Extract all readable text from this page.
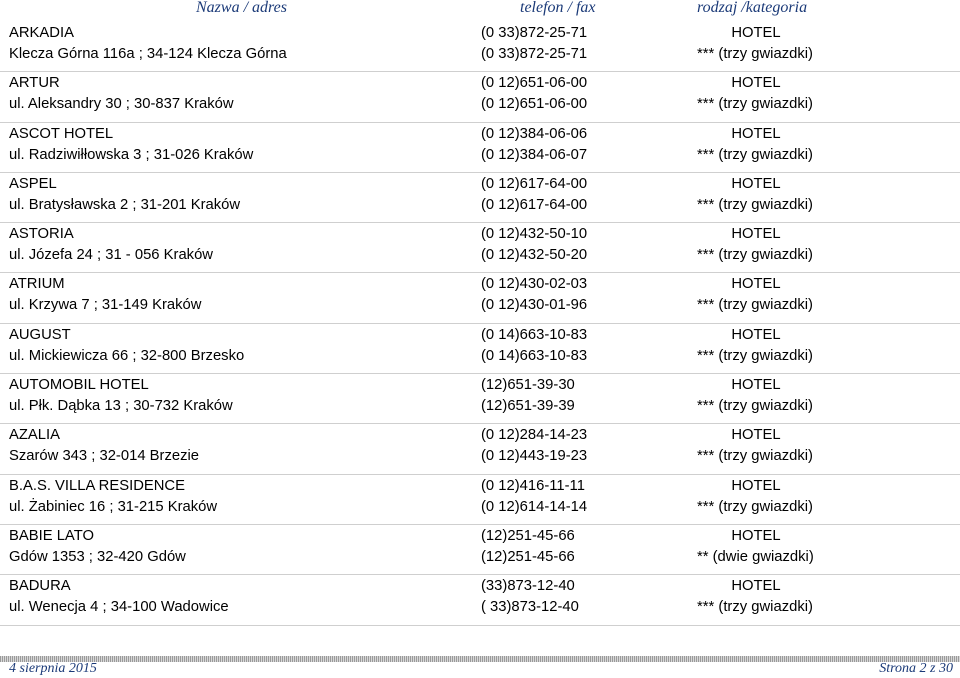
Nazwa / adres	telefon / fax	rodzaj /kategoria
ARKADIA	(0 33)872-25-71	HOTEL
Klecza Górna 116a ; 34-124 Klecza Górna	(0 33)872-25-71	*** (trzy gwiazdki)
ARTUR	(0 12)651-06-00	HOTEL
ul. Aleksandry 30 ; 30-837 Kraków	(0 12)651-06-00	*** (trzy gwiazdki)
ASCOT HOTEL	(0 12)384-06-06	HOTEL
ul. Radziwiłłowska 3 ; 31-026 Kraków	(0 12)384-06-07	*** (trzy gwiazdki)
ASPEL	(0 12)617-64-00	HOTEL
ul. Bratysławska 2 ; 31-201 Kraków	(0 12)617-64-00	*** (trzy gwiazdki)
ASTORIA	(0 12)432-50-10	HOTEL
ul. Józefa 24 ; 31 - 056 Kraków	(0 12)432-50-20	*** (trzy gwiazdki)
ATRIUM	(0 12)430-02-03	HOTEL
ul. Krzywa 7 ; 31-149 Kraków	(0 12)430-01-96	*** (trzy gwiazdki)
AUGUST	(0 14)663-10-83	HOTEL
ul. Mickiewicza 66 ; 32-800 Brzesko	(0 14)663-10-83	*** (trzy gwiazdki)
AUTOMOBIL HOTEL	(12)651-39-30	HOTEL
ul. Płk. Dąbka 13 ; 30-732 Kraków	(12)651-39-39	*** (trzy gwiazdki)
AZALIA	(0 12)284-14-23	HOTEL
Szarów 343 ; 32-014 Brzezie	(0 12)443-19-23	*** (trzy gwiazdki)
B.A.S. VILLA RESIDENCE	(0 12)416-11-11	HOTEL
ul. Żabiniec 16 ; 31-215 Kraków	(0 12)614-14-14	*** (trzy gwiazdki)
BABIE LATO	(12)251-45-66	HOTEL
Gdów 1353 ; 32-420 Gdów	(12)251-45-66	** (dwie gwiazdki)
BADURA	(33)873-12-40	HOTEL
ul. Wenecja 4 ; 34-100 Wadowice	( 33)873-12-40	*** (trzy gwiazdki)
4 sierpnia 2015	Strona 2 z 30
